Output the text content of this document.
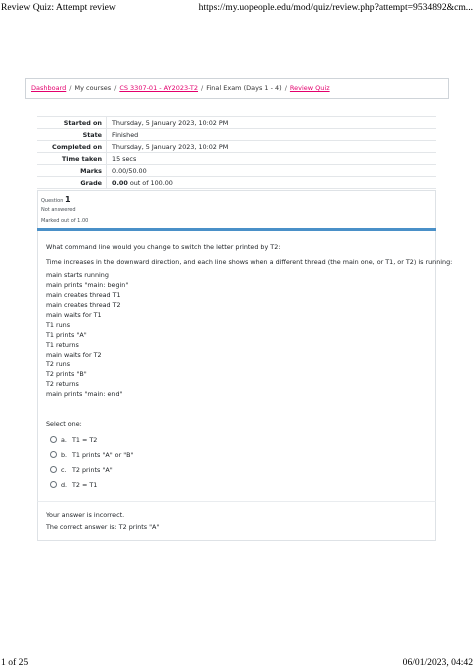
Review Quiz: Attempt review	https://my.uopeople.edu/mod/quiz/review.php?attempt=9534892&cm...
Dashboard / My courses / CS 3307-01 - AY2023-T2 / Final Exam (Days 1 - 4) / Review Quiz
Started on	Thursday, 5 January 2023, 10:02 PM
State	Finished
Completed on	Thursday, 5 January 2023, 10:02 PM
Time taken	15 secs
Marks	0.00/50.00
Grade	0.00 out of 100.00
Question 1
Not answered
Marked out of 1.00
What command line would you change to switch the letter printed by T2:
Time increases in the downward direction, and each line shows when a different thread (the main one, or T1, or T2) is running:
main starts running
main prints "main: begin"
main creates thread T1
main creates thread T2
main waits for T1
T1 runs
T1 prints "A"
T1 returns
main waits for T2
T2 runs
T2 prints "B"
T2 returns
main prints "main: end"
Select one:
a. T1 = T2
b. T1 prints "A" or "B"
c. T2 prints "A"
d. T2 = T1
Your answer is incorrect.
The correct answer is: T2 prints "A"
1 of 25	06/01/2023, 04:42
